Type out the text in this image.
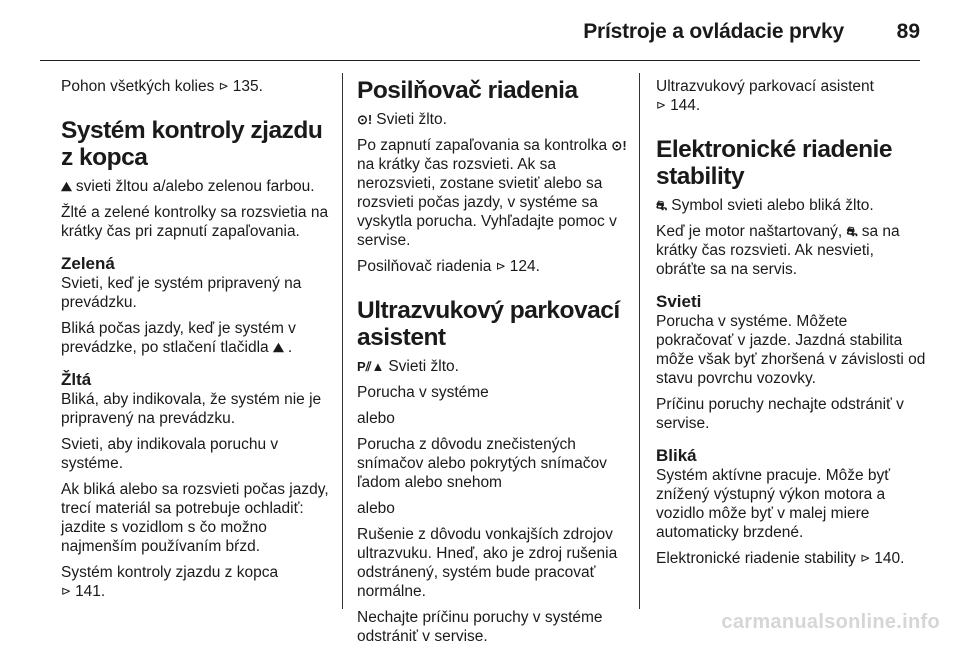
Prístroje a ovládacie prvky	89

Pohon všetkých kolies ⊳ 135.

Systém kontroly zjazdu z kopca

⛰ svieti žltou a/alebo zelenou farbou.

Žlté a zelené kontrolky sa rozsvietia na krátky čas pri zapnutí zapaľovania.

Zelená

Svieti, keď je systém pripravený na prevádzku.

Bliká počas jazdy, keď je systém v prevádzke, po stlačení tlačidla ⛰ .

Žltá

Bliká, aby indikovala, že systém nie je pripravený na prevádzku.

Svieti, aby indikovala poruchu v systéme.

Ak bliká alebo sa rozsvieti počas jazdy, trecí materiál sa potrebuje ochladiť: jazdite s vozidlom s čo možno najmenším používaním bŕzd.

Systém kontroly zjazdu z kopca
⊳ 141.

Posilňovač riadenia

⊙! Svieti žlto.

Po zapnutí zapaľovania sa kontrolka ⊙!na krátky čas rozsvieti. Ak sa nerozsvieti, zostane svietiť alebo sa rozsvieti počas jazdy, v systéme sa vyskytla porucha. Vyhľadajte pomoc v servise.

Posilňovač riadenia ⊳ 124.

Ultrazvukový parkovací asistent

P⫽▲ Svieti žlto.

Porucha v systéme

alebo

Porucha z dôvodu znečistených snímačov alebo pokrytých snímačov ľadom alebo snehom

alebo

Rušenie z dôvodu vonkajších zdrojov ultrazvuku. Hneď, ako je zdroj rušenia odstránený, systém bude pracovať normálne.

Nechajte príčinu poruchy v systéme odstrániť v servise.

Ultrazvukový parkovací asistent
⊳ 144.

Elektronické riadenie stability

⛐ Symbol svieti alebo bliká žlto.

Keď je motor naštartovaný, ⛐ sa na krátky čas rozsvieti. Ak nesvieti, obráťte sa na servis.

Svieti

Porucha v systéme. Môžete pokračovať v jazde. Jazdná stabilita môže však byť zhoršená v závislosti od stavu povrchu vozovky.

Príčinu poruchy nechajte odstrániť v servise.

Bliká

Systém aktívne pracuje. Môže byť znížený výstupný výkon motora a vozidlo môže byť v malej miere automaticky brzdené.

Elektronické riadenie stability ⊳ 140.

carmanualsonline.info
